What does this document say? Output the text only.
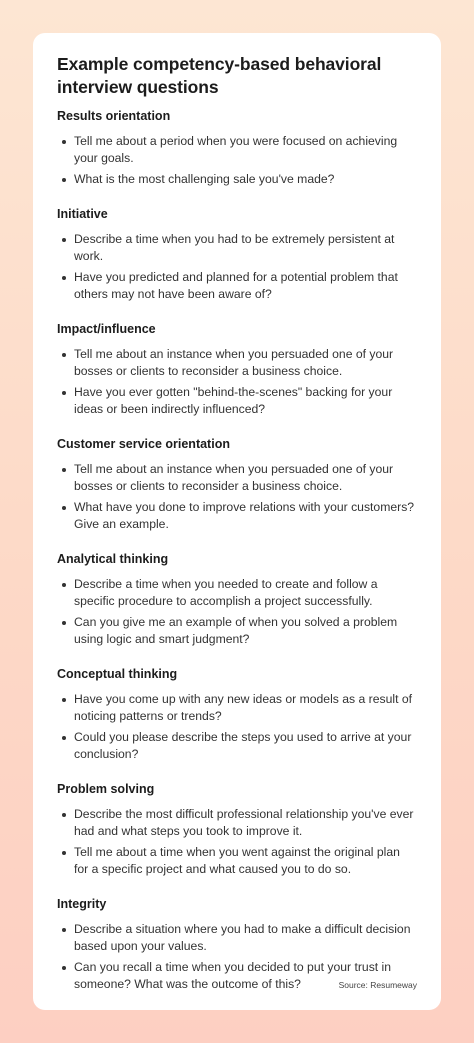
Example competency-based behavioral interview questions
Results orientation
Tell me about a period when you were focused on achieving your goals.
What is the most challenging sale you've made?
Initiative
Describe a time when you had to be extremely persistent at work.
Have you predicted and planned for a potential problem that others may not have been aware of?
Impact/influence
Tell me about an instance when you persuaded one of your bosses or clients to reconsider a business choice.
Have you ever gotten "behind-the-scenes" backing for your ideas or been indirectly influenced?
Customer service orientation
Tell me about an instance when you persuaded one of your bosses or clients to reconsider a business choice.
What have you done to improve relations with your customers? Give an example.
Analytical thinking
Describe a time when you needed to create and follow a specific procedure to accomplish a project successfully.
Can you give me an example of when you solved a problem using logic and smart judgment?
Conceptual thinking
Have you come up with any new ideas or models as a result of noticing patterns or trends?
Could you please describe the steps you used to arrive at your conclusion?
Problem solving
Describe the most difficult professional relationship you've ever had and what steps you took to improve it.
Tell me about a time when you went against the original plan for a specific project and what caused you to do so.
Integrity
Describe a situation where you had to make a difficult decision based upon your values.
Can you recall a time when you decided to put your trust in someone? What was the outcome of this?	Source: Resumeway
